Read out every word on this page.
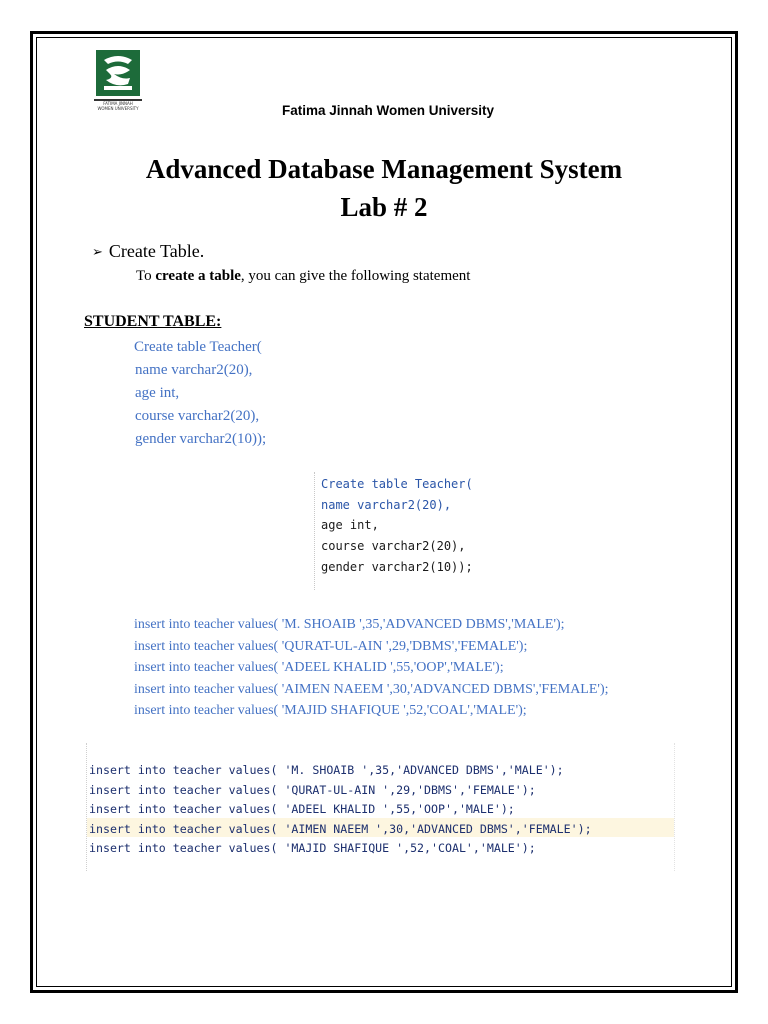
FATIMA JINNAH
WOMEN UNIVERSITY	Fatima Jinnah Women University
Advanced Database Management System
Lab # 2
➢ Create Table.
To create a table, you can give the following statement
STUDENT TABLE:
Create table Teacher(
name varchar2(20),
age int,
course varchar2(20),
gender varchar2(10));
Create table Teacher(
name varchar2(20),
age int,
course varchar2(20),
gender varchar2(10));
insert into teacher values( 'M. SHOAIB ',35,'ADVANCED DBMS','MALE');
insert into teacher values( 'QURAT-UL-AIN ',29,'DBMS','FEMALE');
insert into teacher values( 'ADEEL KHALID ',55,'OOP','MALE');
insert into teacher values( 'AIMEN NAEEM ',30,'ADVANCED DBMS','FEMALE');
insert into teacher values( 'MAJID SHAFIQUE ',52,'COAL','MALE');
insert into teacher values( 'M. SHOAIB ',35,'ADVANCED DBMS','MALE');
insert into teacher values( 'QURAT-UL-AIN ',29,'DBMS','FEMALE');
insert into teacher values( 'ADEEL KHALID ',55,'OOP','MALE');
insert into teacher values( 'AIMEN NAEEM ',30,'ADVANCED DBMS','FEMALE');
insert into teacher values( 'MAJID SHAFIQUE ',52,'COAL','MALE');
